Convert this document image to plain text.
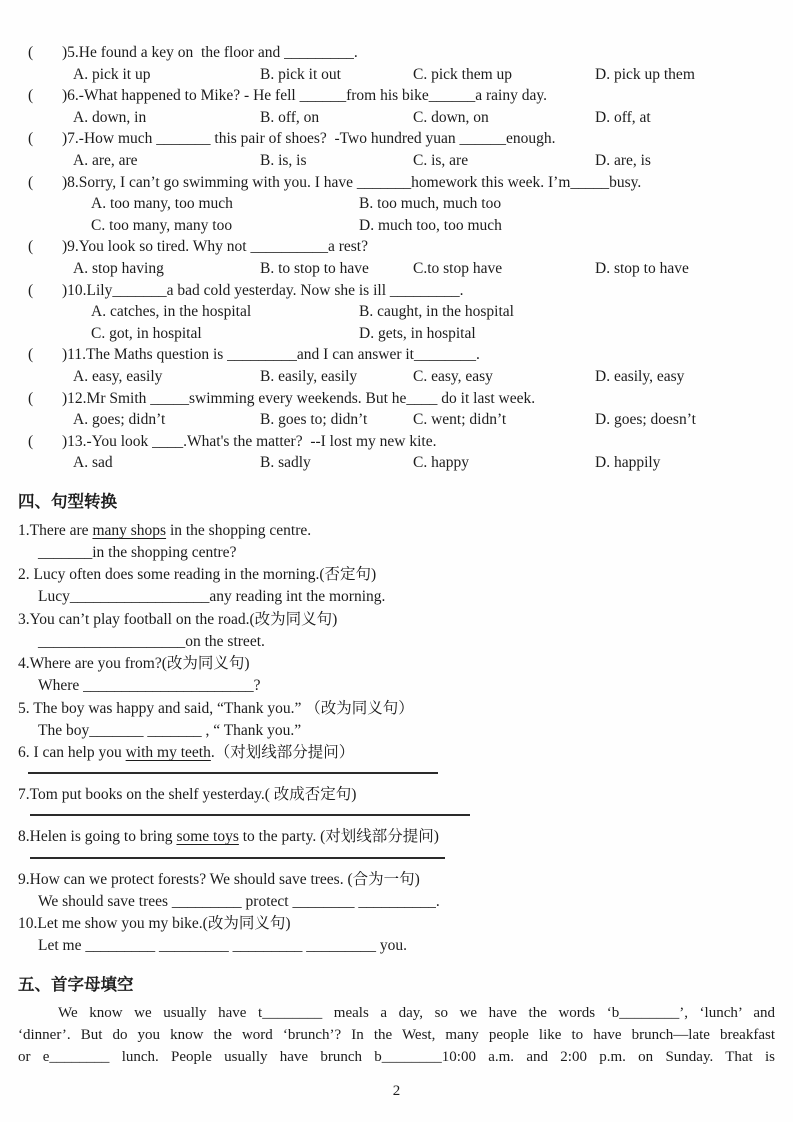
(	)5.He found a key on  the floor and _________.
A. pick it up	B. pick it out	C. pick them up	D. pick up them
(	)6.-What happened to Mike? - He fell ______from his bike______a rainy day.
A. down, in	B. off, on	C. down, on	D. off, at
(	)7.-How much _______ this pair of shoes?  -Two hundred yuan ______enough.
A. are, are	B. is, is	C. is, are	D. are, is
(	)8.Sorry, I can’t go swimming with you. I have _______homework this week. I’m_____busy.
A. too many, too much	B. too much, much too
C. too many, many too	D. much too, too much
(	)9.You look so tired. Why not __________a rest?
A. stop having	B. to stop to have	C.to stop have	D. stop to have
(	)10.Lily_______a bad cold yesterday. Now she is ill _________.
A. catches, in the hospital	B. caught, in the hospital
C. got, in hospital	D. gets, in hospital
(	)11.The Maths question is _________and I can answer it________.
A. easy, easily	B. easily, easily	C. easy, easy	D. easily, easy
(	)12.Mr Smith _____swimming every weekends. But he____ do it last week.
A. goes; didn’t	B. goes to; didn’t	C. went; didn’t	D. goes; doesn’t
(	)13.-You look ____.What's the matter?  --I lost my new kite.
A. sad	B. sadly	C. happy	D. happily
四、句型转换
1.There are many shops in the shopping centre.
_______in the shopping centre?
2. Lucy often does some reading in the morning.(否定句)
Lucy__________________any reading int the morning.
3.You can’t play football on the road.(改为同义句)
___________________on the street.
4.Where are you from?(改为同义句)
Where ______________________?
5. The boy was happy and said, “Thank you.” （改为同义句）
The boy_______ _______ , “ Thank you.”
6. I can help you with my teeth.（对划线部分提问）
7.Tom put books on the shelf yesterday.( 改成否定句)
8.Helen is going to bring some toys to the party. (对划线部分提问)
9.How can we protect forests? We should save trees. (合为一句)
We should save trees _________ protect ________ __________.
10.Let me show you my bike.(改为同义句)
Let me _________ _________ _________ _________ you.
五、首字母填空
We know we usually have t________ meals a day, so we have the words ‘b________’, ‘lunch’ and
‘dinner’. But do you know the word ‘brunch’? In the West, many people like to have brunch—late breakfast
or e________ lunch. People usually have brunch b________10:00 a.m. and 2:00 p.m. on Sunday. That is
2
